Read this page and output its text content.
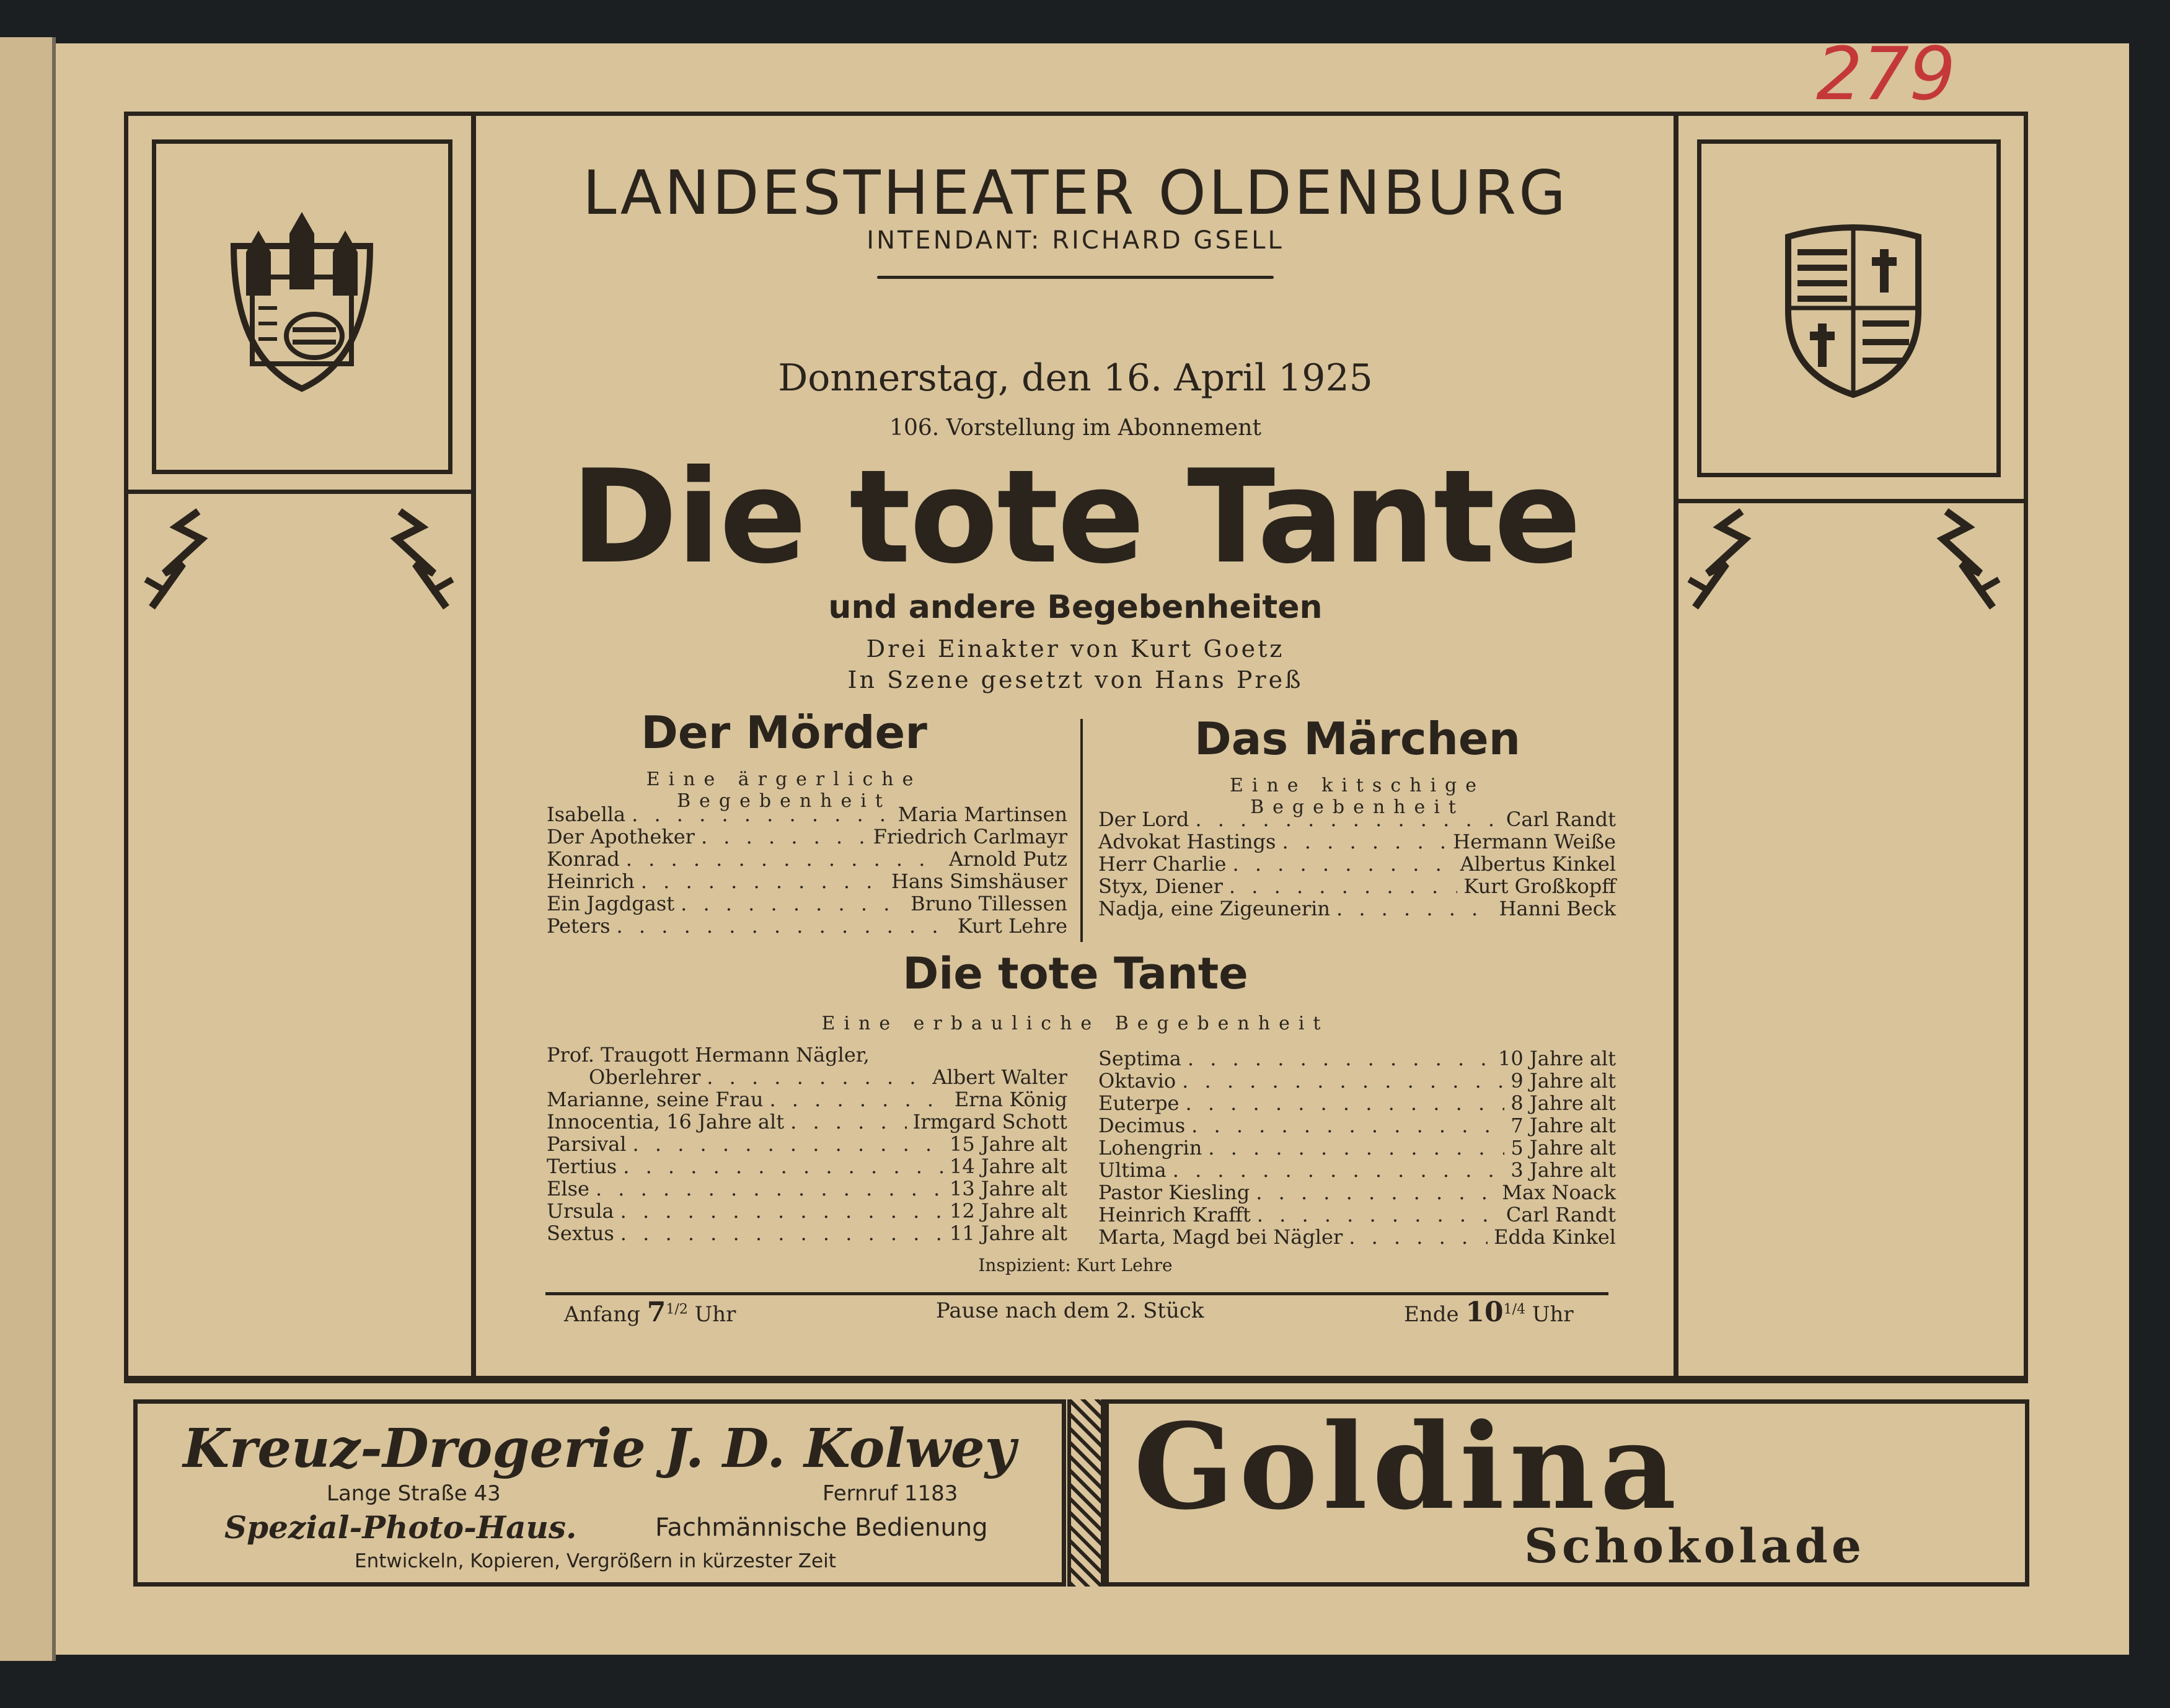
279
LANDESTHEATER OLDENBURG
INTENDANT: RICHARD GSELL
Donnerstag, den 16. April 1925
106. Vorstellung im Abonnement
Die tote Tante
und andere Begebenheiten
Drei Einakter von Kurt Goetz
In Szene gesetzt von Hans Preß
Der Mörder
Eine ärgerliche Begebenheit
Isabella . . .	Maria Martinsen
Der Apotheker . . .	Friedrich Carlmayr
Konrad . . .	Arnold Putz
Heinrich . . .	Hans Simshäuser
Ein Jagdgast . . .	Bruno Tillessen
Peters . . .	Kurt Lehre
Das Märchen
Eine kitschige Begebenheit
Der Lord . . .	Carl Randt
Advokat Hastings . . .	Hermann Weiße
Herr Charlie . . .	Albertus Kinkel
Styx, Diener . . .	Kurt Großkopff
Nadja, eine Zigeunerin . . .	Hanni Beck
Die tote Tante
Eine erbauliche Begebenheit
Prof. Traugott Hermann Nägler,
Oberlehrer . . .	Albert Walter
Marianne, seine Frau . . .	Erna König
Innocentia, 16 Jahre alt . . .	Irmgard Schott
Parsival . . .	15 Jahre alt
Tertius . . .	14 Jahre alt
Else . . .	13 Jahre alt
Ursula . . .	12 Jahre alt
Sextus . . .	11 Jahre alt
Septima . . .	10 Jahre alt
Oktavio . . .	9 Jahre alt
Euterpe . . .	8 Jahre alt
Decimus . . .	7 Jahre alt
Lohengrin . . .	5 Jahre alt
Ultima . . .	3 Jahre alt
Pastor Kiesling . . .	Max Noack
Heinrich Krafft . . .	Carl Randt
Marta, Magd bei Nägler . . .	Edda Kinkel
Inspizient: Kurt Lehre
Anfang $7^{1/2}$ Uhr	Pause nach dem 2. Stück	Ende $10^{1/4}$ Uhr
Kreuz-Drogerie J. D. Kolwey
Lange Straße 43	Fernruf 1183
Spezial-Photo-Haus.	Fachmännische Bedienung
Entwickeln, Kopieren, Vergrößern in kürzester Zeit
Goldina
Schokolade
